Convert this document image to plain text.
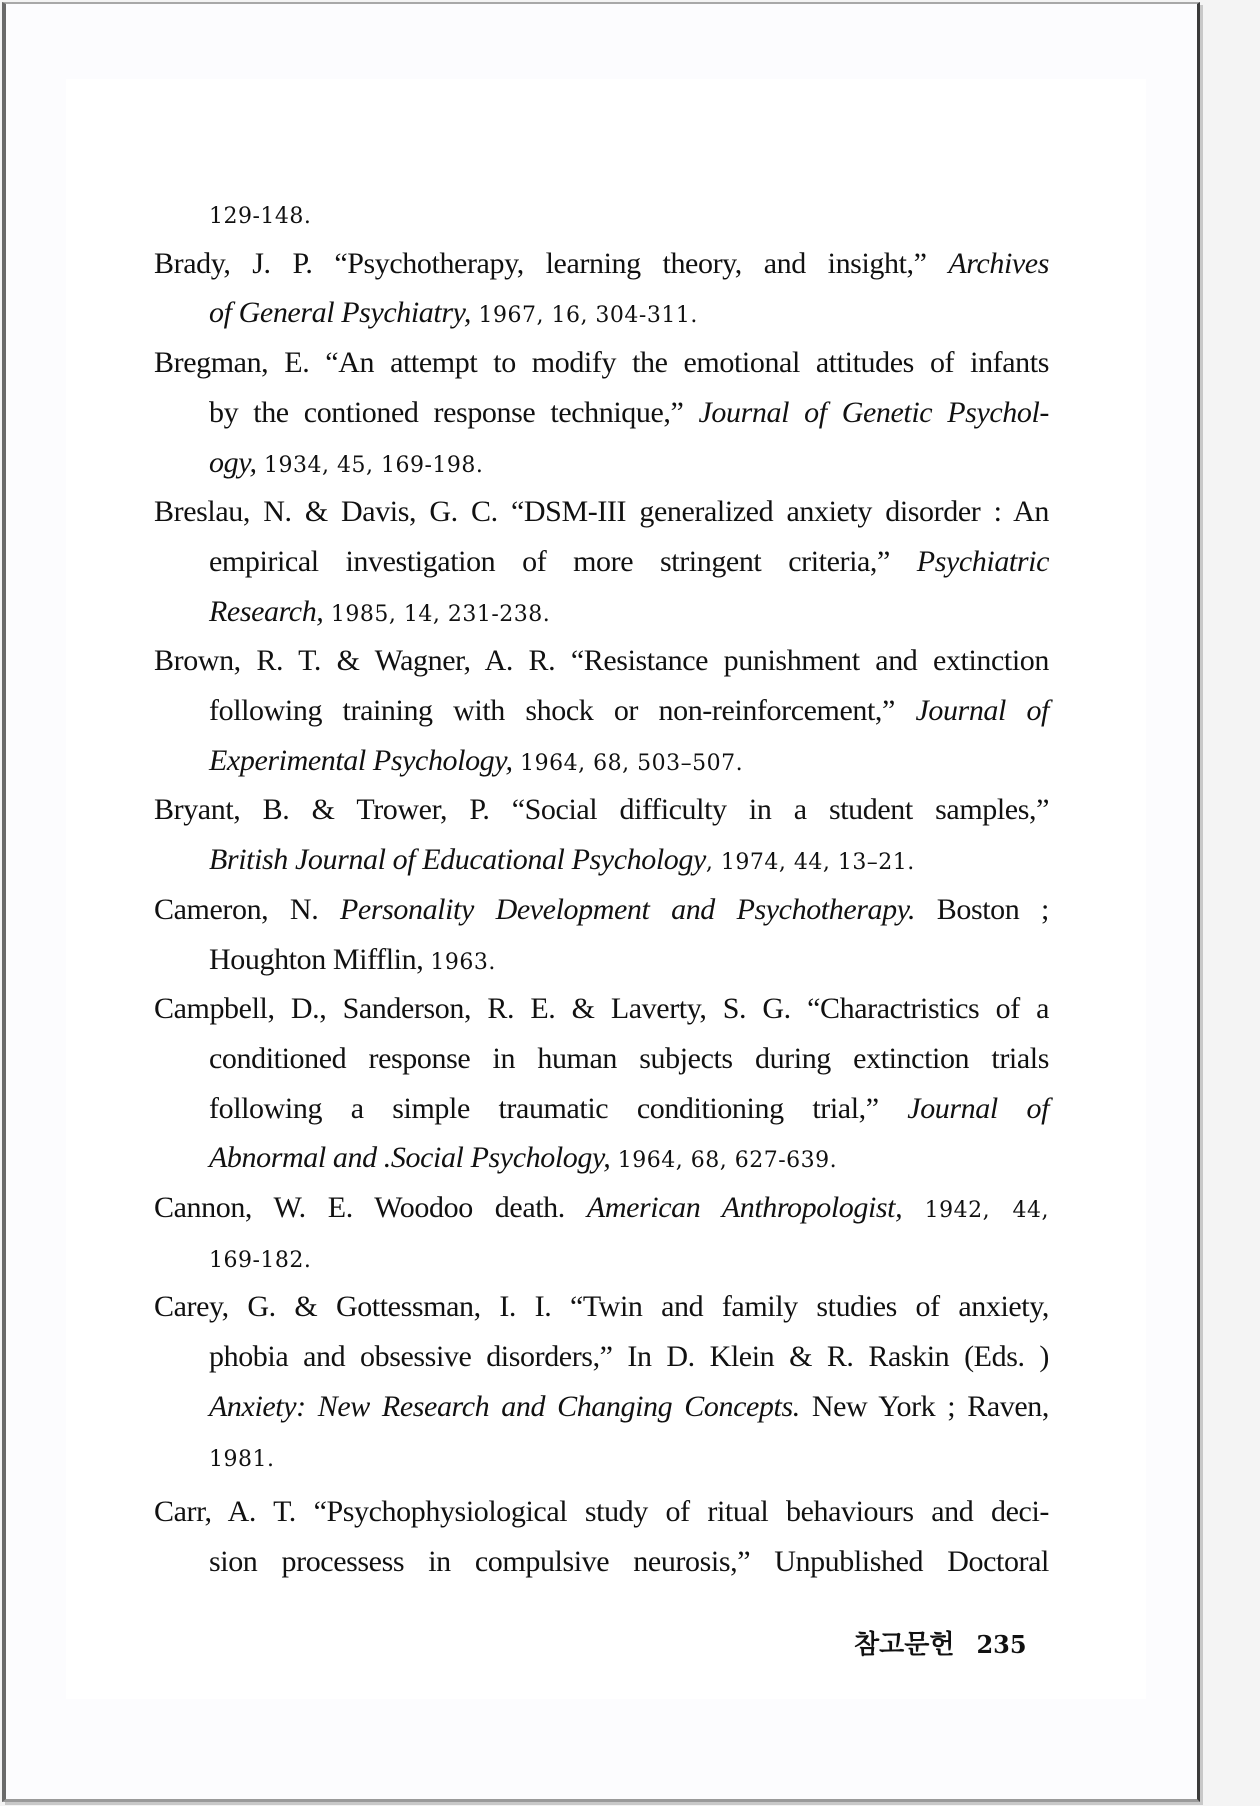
129-148.
Brady, J. P. “Psychotherapy, learning theory, and insight,” Archives
of General Psychiatry, 1967, 16, 304-311.
Bregman, E. “An attempt to modify the emotional attitudes of infants
by the contioned response technique,” Journal of Genetic Psychol-
ogy, 1934, 45, 169-198.
Breslau, N. & Davis, G. C. “DSM-III generalized anxiety disorder : An
empirical investigation of more stringent criteria,” Psychiatric
Research, 1985, 14, 231-238.
Brown, R. T. & Wagner, A. R. “Resistance punishment and extinction
following training with shock or non-reinforcement,” Journal of
Experimental Psychology, 1964, 68, 503–507.
Bryant, B. & Trower, P. “Social difficulty in a student samples,”
British Journal of Educational Psychology, 1974, 44, 13–21.
Cameron, N. Personality Development and Psychotherapy. Boston ;
Houghton Mifflin, 1963.
Campbell, D., Sanderson, R. E. & Laverty, S. G. “Charactristics of a
conditioned response in human subjects during extinction trials
following a simple traumatic conditioning trial,” Journal of
Abnormal and .Social Psychology, 1964, 68, 627-639.
Cannon, W. E. Woodoo death. American Anthropologist, 1942, 44,
169-182.
Carey, G. & Gottessman, I. I. “Twin and family studies of anxiety,
phobia and obsessive disorders,” In D. Klein & R. Raskin (Eds. )
Anxiety: New Research and Changing Concepts. New York ; Raven,
1981.
Carr, A. T. “Psychophysiological study of ritual behaviours and deci-
sion processess in compulsive neurosis,” Unpublished Doctoral
참고문헌 235
